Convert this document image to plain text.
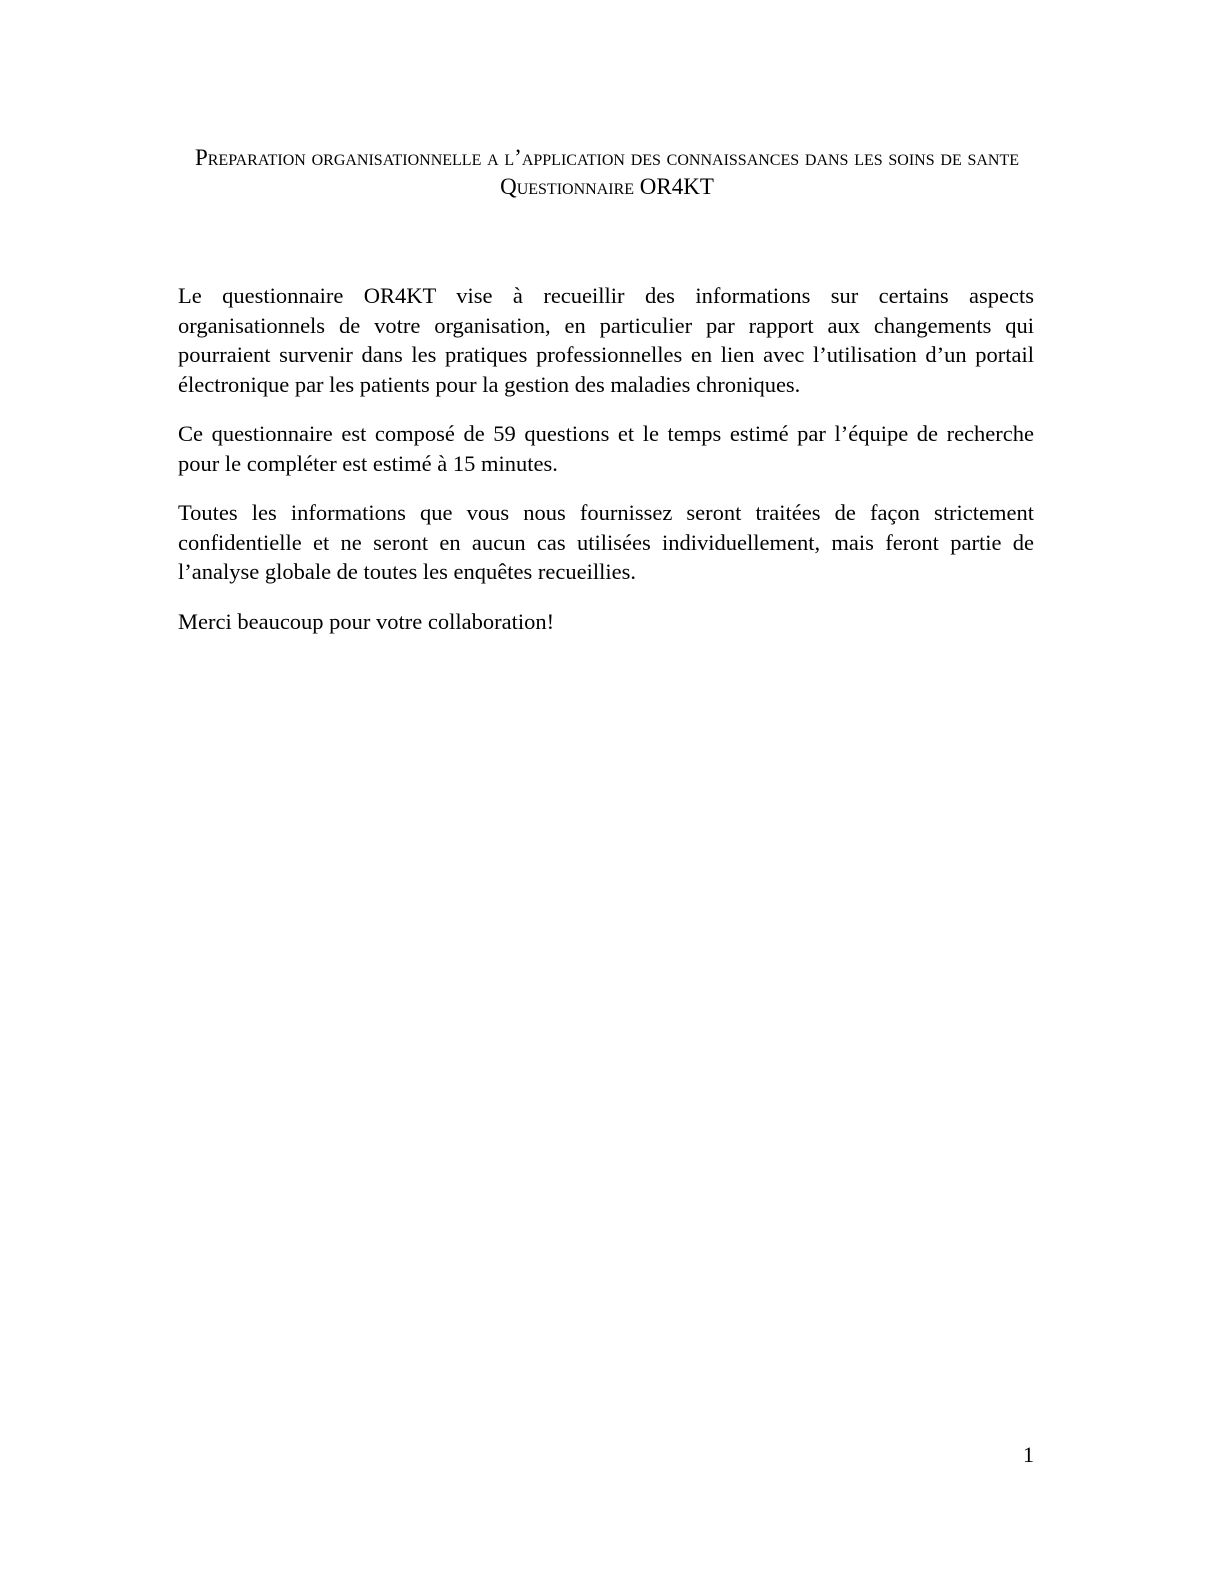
Preparation organisationnelle a l’application des connaissances dans les soins de sante
Questionnaire OR4KT

Le questionnaire OR4KT vise à recueillir des informations sur certains aspects organisationnels de votre organisation, en particulier par rapport aux changements qui pourraient survenir dans les pratiques professionnelles en lien avec l’utilisation d’un portail électronique par les patients pour la gestion des maladies chroniques.

Ce questionnaire est composé de 59 questions et le temps estimé par l’équipe de recherche pour le compléter est estimé à 15 minutes.

Toutes les informations que vous nous fournissez seront traitées de façon strictement confidentielle et ne seront en aucun cas utilisées individuellement, mais feront partie de l’analyse globale de toutes les enquêtes recueillies.

Merci beaucoup pour votre collaboration!

1
